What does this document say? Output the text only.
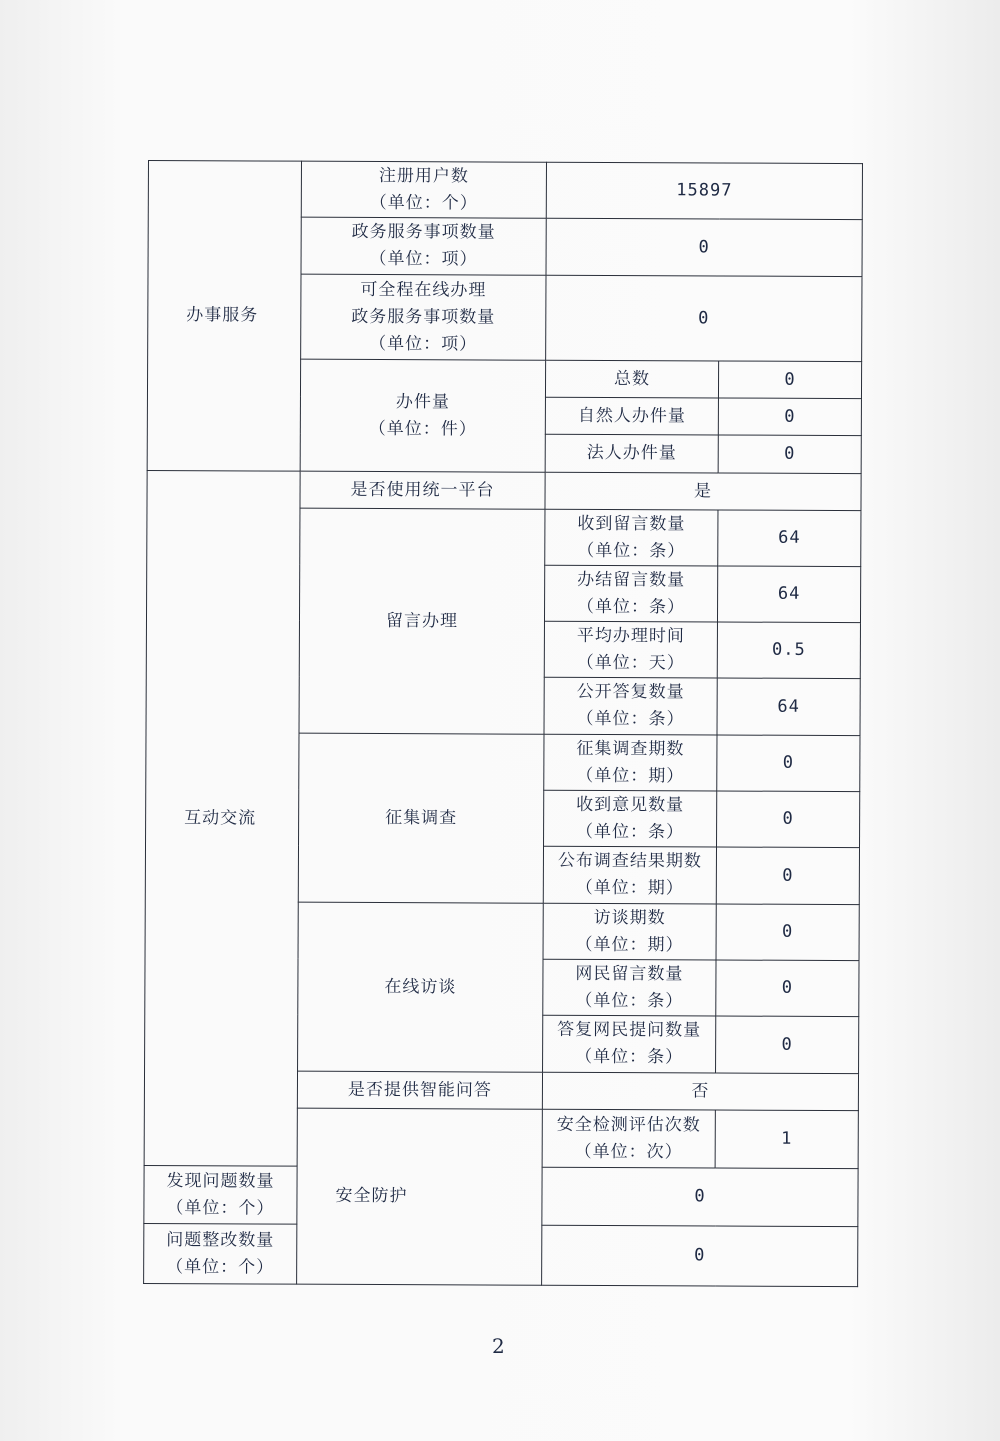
办事服务	注册用户数
（单位：个）	15897	

	政务服务事项数量
（单位：项）	0	

	可全程在线办理
政务服务事项数量
（单位：项）	0	

	办件量
（单位：件）	总数	0
		自然人办件量	0
		法人办件量	0
互动交流	是否使用统一平台	是	
	留言办理	收到留言数量
（单位：条）	64

		办结留言数量
（单位：条）	64

		平均办理时间
（单位：天）	0.5

		公开答复数量
（单位：条）	64
	征集调查	征集调查期数
（单位：期）	0

		收到意见数量
（单位：条）	0

		公布调查结果期数
（单位：期）	0
	在线访谈	访谈期数
（单位：期）	0

		网民留言数量
（单位：条）	0

		答复网民提问数量
（单位：条）	0
	是否提供智能问答	否	
	安全防护	安全检测评估次数
（单位：次）	1

发现问题数量
（单位：个）		0	

问题整改数量
（单位：个）		0	
2
